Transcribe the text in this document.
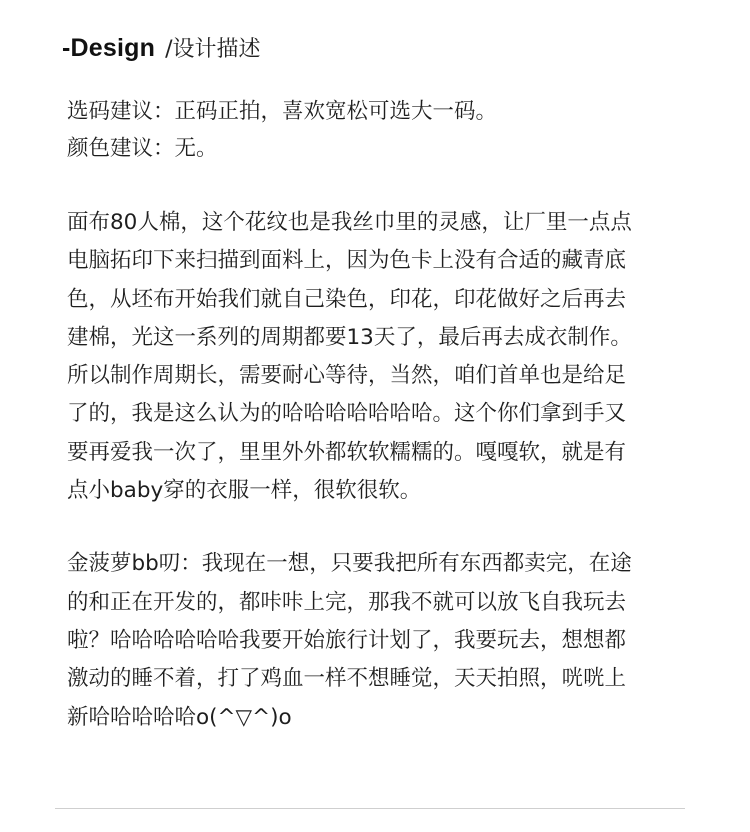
-Design /设计描述

选码建议：正码正拍，喜欢宽松可选大一码。

颜色建议：无。

面布80人棉，这个花纹也是我丝巾里的灵感，让厂里一点点

电脑拓印下来扫描到面料上，因为色卡上没有合适的藏青底

色，从坯布开始我们就自己染色，印花，印花做好之后再去

建棉，光这一系列的周期都要13天了，最后再去成衣制作。

所以制作周期长，需要耐心等待，当然，咱们首单也是给足

了的，我是这么认为的哈哈哈哈哈哈哈。这个你们拿到手又

要再爱我一次了，里里外外都软软糯糯的。嘎嘎软，就是有

点小baby穿的衣服一样，很软很软。

金菠萝bb叨：我现在一想，只要我把所有东西都卖完，在途

的和正在开发的，都咔咔上完，那我不就可以放飞自我玩去

啦？哈哈哈哈哈哈我要开始旅行计划了，我要玩去，想想都

激动的睡不着，打了鸡血一样不想睡觉，天天拍照，咣咣上

新哈哈哈哈哈o(^▽^)o
